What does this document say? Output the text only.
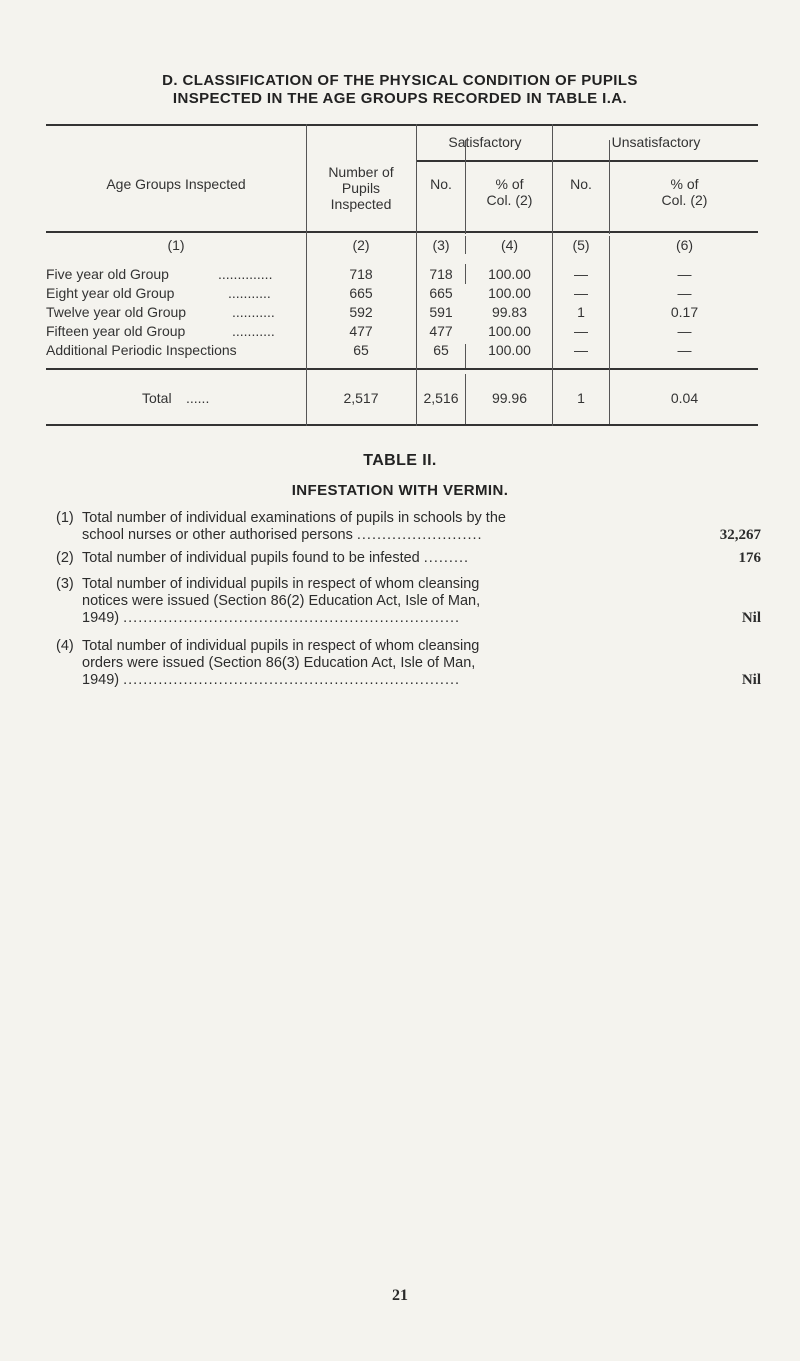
D. CLASSIFICATION OF THE PHYSICAL CONDITION OF PUPILS
INSPECTED IN THE AGE GROUPS RECORDED IN TABLE I.A.
Age Groups Inspected
Number of
Pupils
Inspected
Satisfactory	Unsatisfactory
No.	% of
Col. (2)
No.	% of
Col. (2)
(1)	(2)	(3)	(4)	(5)	(6)
Five year old Group	..............	718	718	100.00	—	—
Eight year old Group	...........	665	665	100.00	—	—
Twelve year old Group	...........	592	591	99.83	1	0.17
Fifteen year old Group	...........	477	477	100.00	—	—
Additional Periodic Inspections	65	65	100.00	—	—
Total ......	2,517	2,516	99.96	1	0.04
TABLE II.
INFESTATION WITH VERMIN.
(1) Total number of individual examinations of pupils in schools by the
school nurses or other authorised persons .........................	32,267
(2) Total number of individual pupils found to be infested .........	176
(3) Total number of individual pupils in respect of whom cleansing
notices were issued (Section 86(2) Education Act, Isle of Man,
1949) ...................................................................	Nil
(4) Total number of individual pupils in respect of whom cleansing
orders were issued (Section 86(3) Education Act, Isle of Man,
1949) ...................................................................	Nil
21
